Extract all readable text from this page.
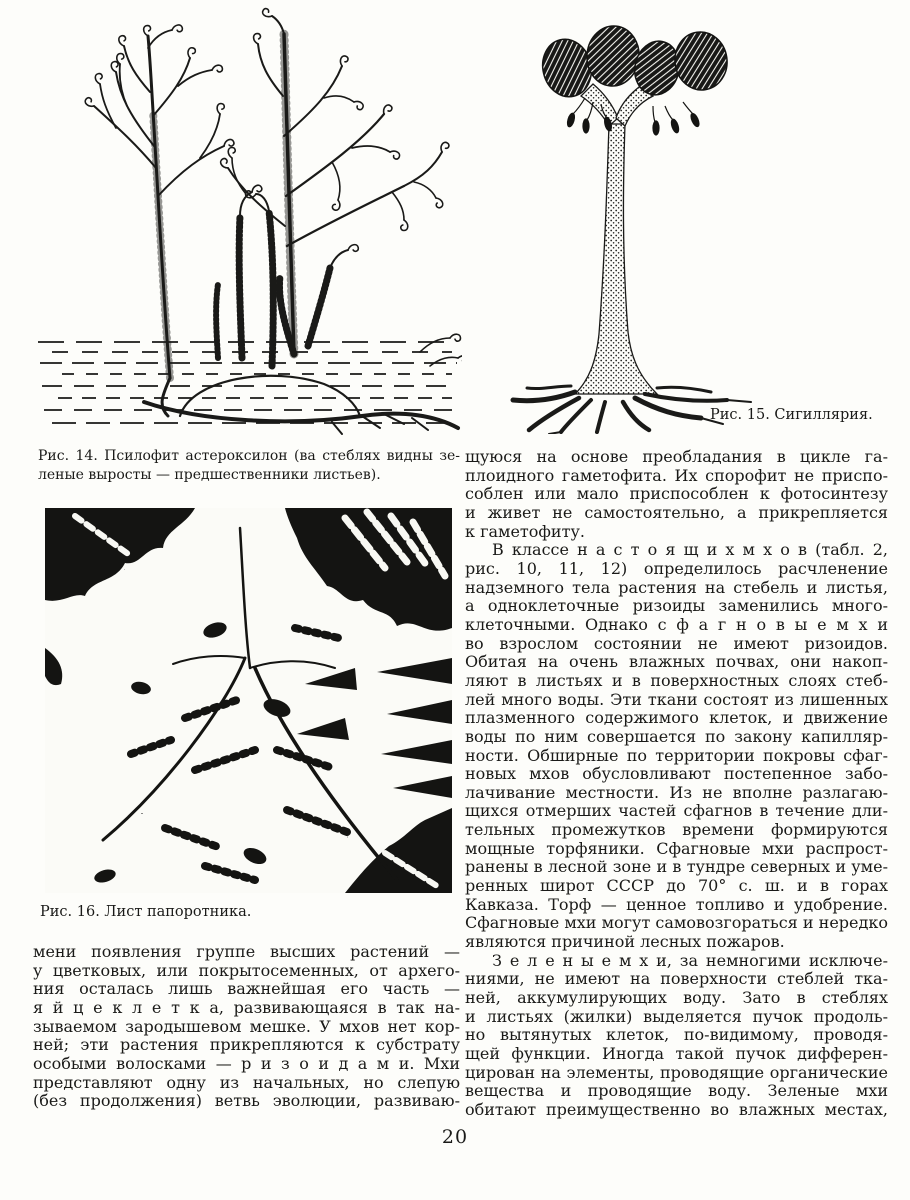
Рис. 14. Псилофит астероксилон (ва стеблях видны зе-
леные выросты — предшественники листьев).
Рис. 15. Сигиллярия.
щуюся на основе преобладания в цикле га-
плоидного гаметофита. Их спорофит не приспо-
соблен или мало приспособлен к фотосинтезу
и живет не самостоятельно, а прикрепляется
к гаметофиту.
В классе н а с т о я щ и х м х о в (табл. 2,
рис. 10, 11, 12) определилось расчленение
надземного тела растения на стебель и листья,
а одноклеточные ризоиды заменились много-
клеточными. Однако с ф а г н о в ы е м х и
во взрослом состоянии не имеют ризоидов.
Обитая на очень влажных почвах, они накоп-
ляют в листьях и в поверхностных слоях стеб-
лей много воды. Эти ткани состоят из лишенных
плазменного содержимого клеток, и движение
воды по ним совершается по закону капилляр-
ности. Обширные по территории покровы сфаг-
новых мхов обусловливают постепенное забо-
лачивание местности. Из не вполне разлагаю-
щихся отмерших частей сфагнов в течение дли-
тельных промежутков времени формируются
мощные торфяники. Сфагновые мхи распрост-
ранены в лесной зоне и в тундре северных и уме-
ренных широт СССР до 70° с. ш. и в горах
Кавказа. Торф — ценное топливо и удобрение.
Сфагновые мхи могут самовозгораться и нередко
являются причиной лесных пожаров.
З е л е н ы е м х и, за немногими исключе-
ниями, не имеют на поверхности стеблей тка-
ней, аккумулирующих воду. Зато в стеблях
и листьях (жилки) выделяется пучок продоль-
но вытянутых клеток, по-видимому, проводя-
щей функции. Иногда такой пучок дифферен-
цирован на элементы, проводящие органические
вещества и проводящие воду. Зеленые мхи
обитают преимущественно во влажных местах,
Рис. 16. Лист папоротника.
мени появления группе высших растений —
у цветковых, или покрытосеменных, от архего-
ния осталась лишь важнейшая его часть —
я й ц е к л е т к а, развивающаяся в так на-
зываемом зародышевом мешке. У мхов нет кор-
ней; эти растения прикрепляются к субстрату
особыми волосками — р и з о и д а м и. Мхи
представляют одну из начальных, но слепую
(без продолжения) ветвь эволюции, развиваю-
20
